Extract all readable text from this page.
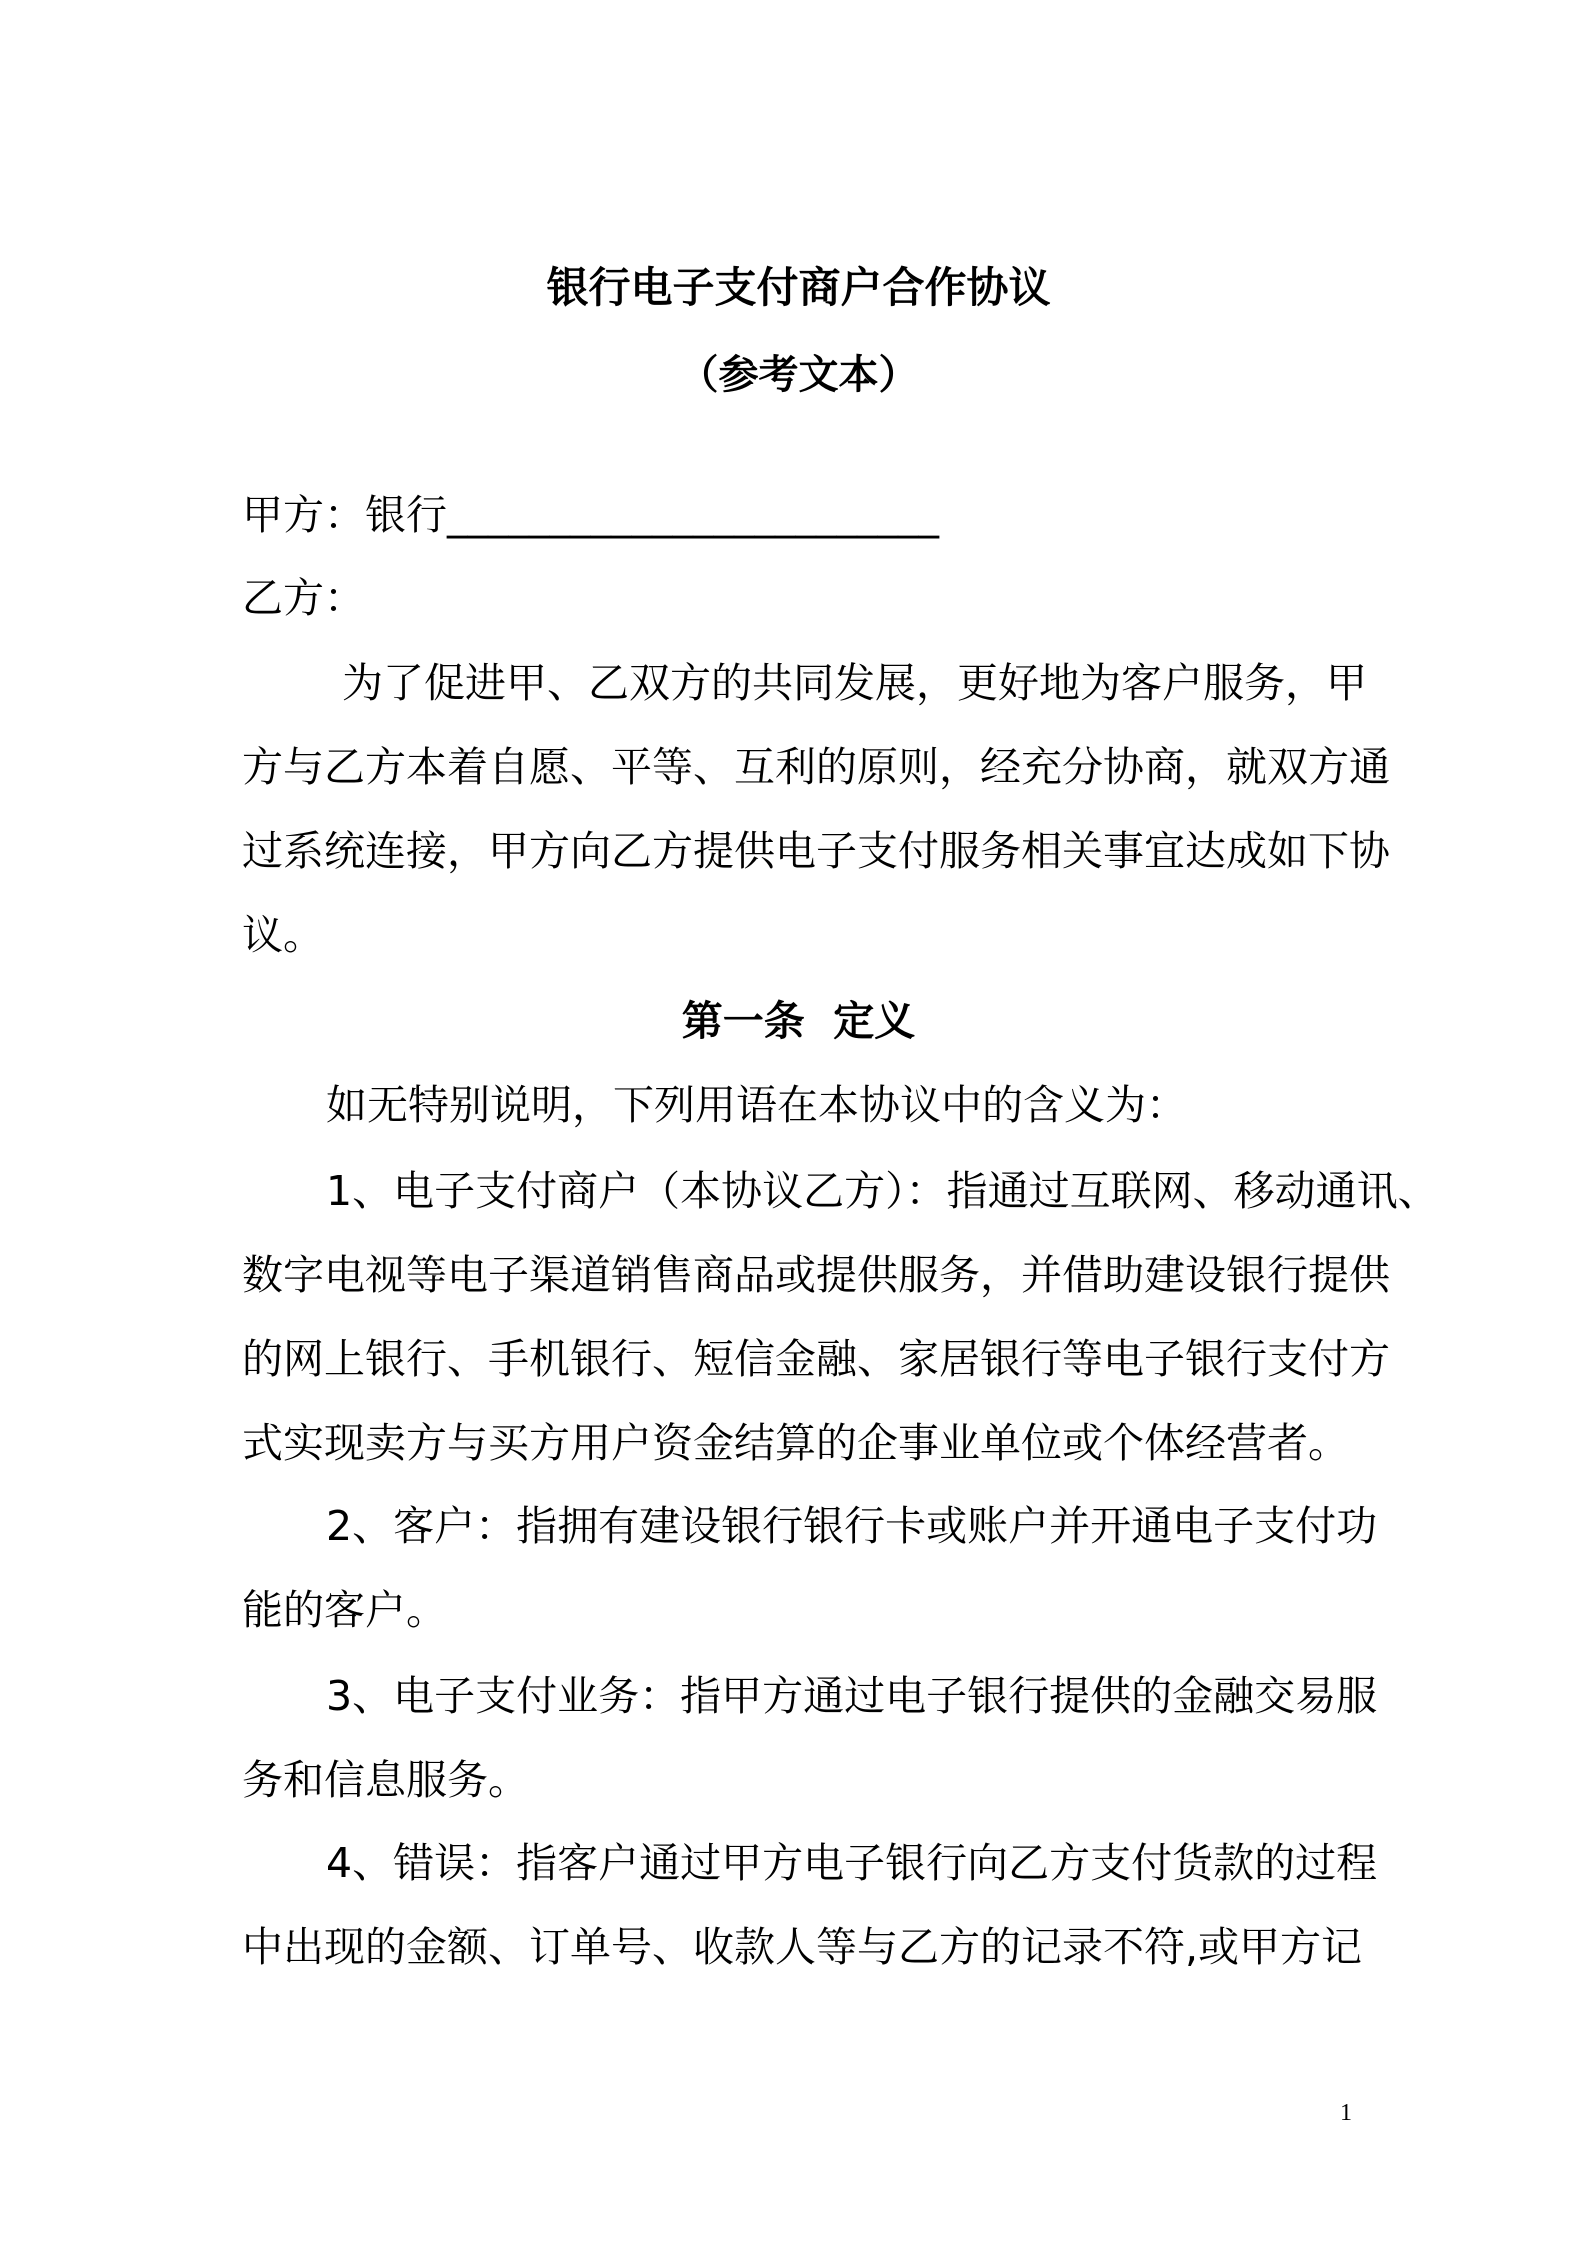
银行电子支付商户合作协议
（参考文本）
甲方：银行________________________
乙方：
为了促进甲、乙双方的共同发展，更好地为客户服务，甲
方与乙方本着自愿、平等、互利的原则，经充分协商，就双方通
过系统连接，甲方向乙方提供电子支付服务相关事宜达成如下协
议。
第一条  定义
如无特别说明，下列用语在本协议中的含义为：
1、电子支付商户（本协议乙方）：指通过互联网、移动通讯、
数字电视等电子渠道销售商品或提供服务，并借助建设银行提供
的网上银行、手机银行、短信金融、家居银行等电子银行支付方
式实现卖方与买方用户资金结算的企事业单位或个体经营者。
2、客户：指拥有建设银行银行卡或账户并开通电子支付功
能的客户。
3、电子支付业务：指甲方通过电子银行提供的金融交易服
务和信息服务。
4、错误：指客户通过甲方电子银行向乙方支付货款的过程
中出现的金额、订单号、收款人等与乙方的记录不符,或甲方记
1
